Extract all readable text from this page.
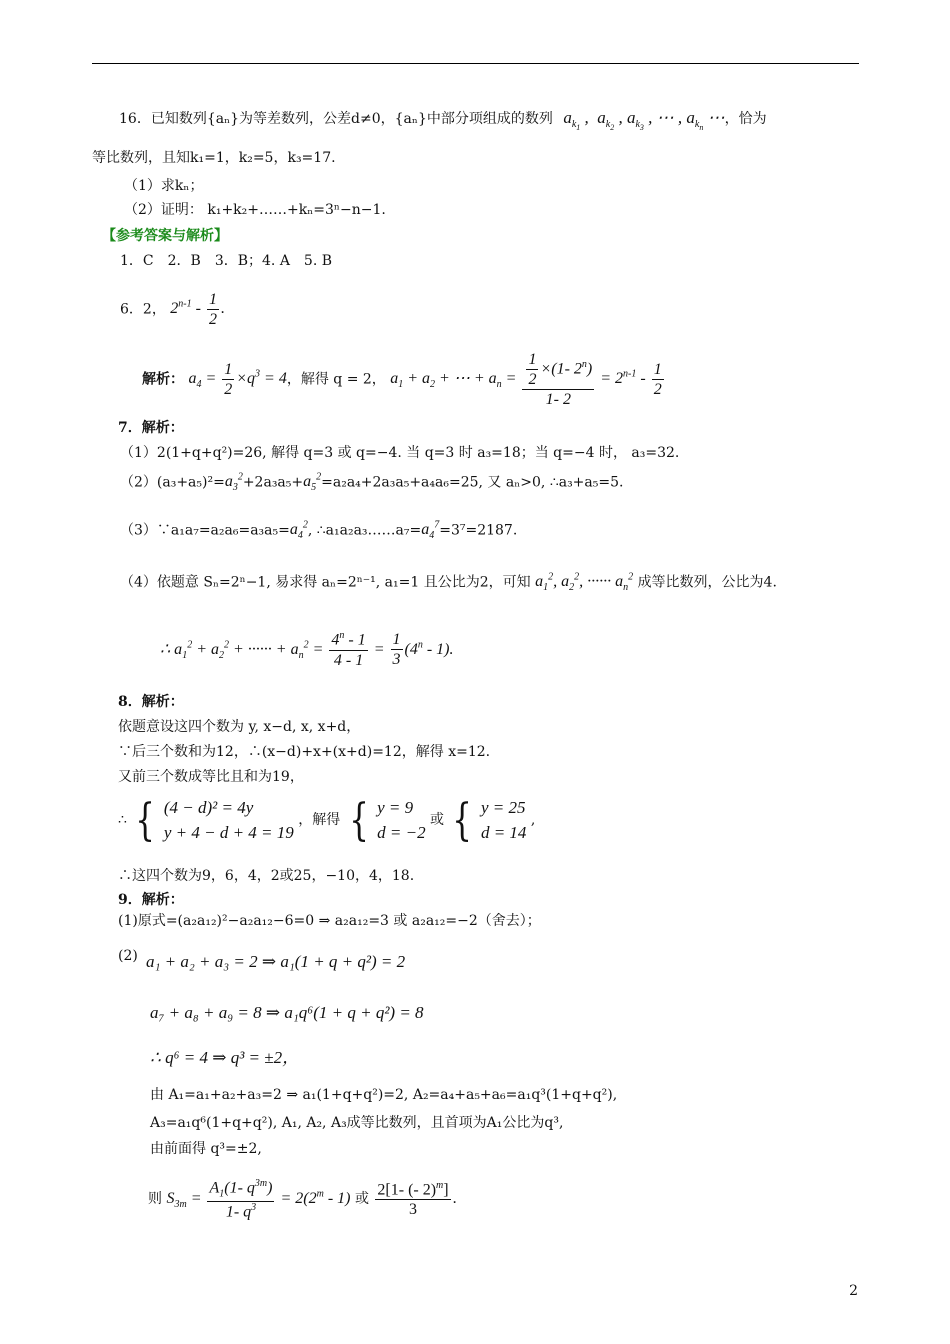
16．已知数列{aₙ}为等差数列，公差d≠0，{aₙ}中部分项组成的数列 $a_{k_1}$ ,  $a_{k_2}$ , $a_{k_3}$ , ⋯ , $a_{k_n}$ ⋯，恰为
等比数列，且知k₁=1，k₂=5，k₃=17.
（1）求kₙ；
（2）证明： k₁+k₂+……+kₙ=3ⁿ−n−1.
【参考答案与解析】
1．C　2．B　3．B；4. A　5. B
6．2， $2^{n-1} - \frac{1}{2}$ .
解析： $a_4 = \frac{1}{2} \times q^3 = 4$，解得 q = 2， $a_1 + a_2$ + ⋯ + $a_n = \frac{\frac{1}{2} \times(1- 2^n)}{1- 2} = 2^{n-1} - \frac{1}{2}$
7．解析：
（1）2(1+q+q²)=26, 解得 q=3 或 q=−4. 当 q=3 时 a₃=18；当 q=−4 时， a₃=32.
$(2)(a_3+a_5)^2=a_3^2+2a_3a_5+a_5^2=a_2a_4+2a_3a_5+a_4a_6=25$, 又 aₙ>0, ∴a₃+a₅=5.
$(3)\because a_1a_7=a_2a_6=a_3a_5=a_4^2$, $\therefore a_1a_2a_3\dots\dots a_7=a_4^7=3^7=2187$.
（4）依题意 Sₙ=2ⁿ−1, 易求得 aₙ=2ⁿ⁻¹, a₁=1 且公比为2，可知 $a_1^2$, $a_2^2$, ······ $a_n^2$ 成等比数列，公比为4.
∴ $a_1^2 + a_2^2$ + ······ + $a_n^2 = \frac{4^n - 1}{4 - 1} = \frac{1}{3} (4^n - 1)$.
8．解析：
依题意设这四个数为 y, x−d, x, x+d，
∵后三个数和为12，∴(x−d)+x+(x+d)=12，解得 x=12.
又前三个数成等比且和为19，
∴ { (4 − d)² = 4y
y + 4 − d + 4 = 19
，解得 { y = 9
d = −2
或 { y = 25
d = 14
,
∴这四个数为9，6，4，2或25，−10，4，18.
9．解析：
(1)原式=(a₂a₁₂)²−a₂a₁₂−6=0 ⇒ a₂a₁₂=3 或 a₂a₁₂=−2（舍去）；
(2) a₁ + a₂ + a₃ = 2 ⇒ a₁(1 + q + q²) = 2
a₇ + a₈ + a₉ = 8 ⇒ a₁q⁶(1 + q + q²) = 8
∴ q⁶ = 4 ⇒ q³ = ±2，
由 A₁=a₁+a₂+a₃=2 ⇒ a₁(1+q+q²)=2, A₂=a₄+a₅+a₆=a₁q³(1+q+q²),
A₃=a₁q⁶(1+q+q²), A₁, A₂, A₃成等比数列，且首项为A₁公比为q³,
由前面得 q³=±2,
则 $S_{3m} = \frac{A_1(1- q^{3m})}{1- q^3} = 2(2^m - 1)$ 或 $\frac{2[1- (- 2)^m]}{3}$ .
2
